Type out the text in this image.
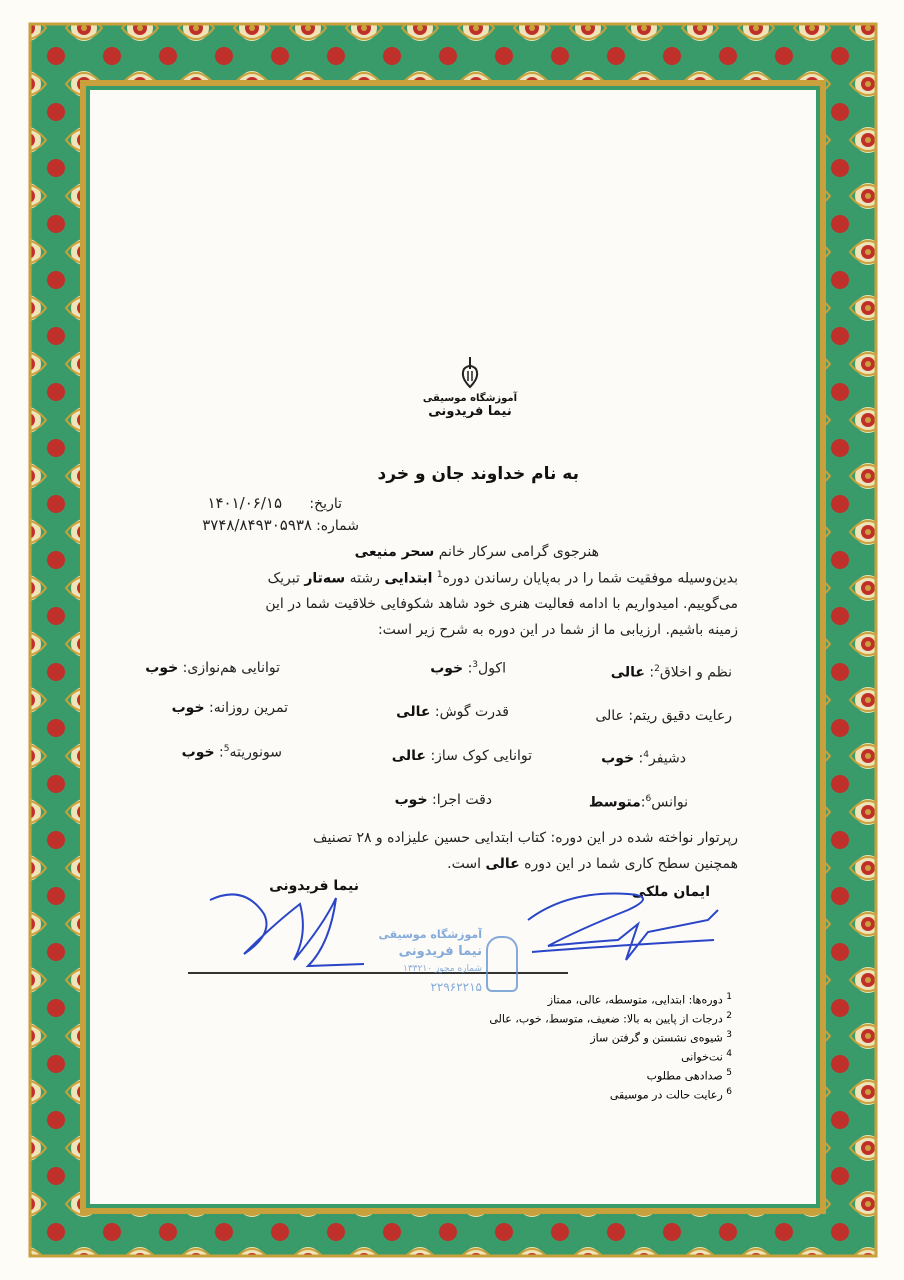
آموزشگاه موسیقی
نیما فریدونی
به نام خداوند جان و خرد
تاریخ:
۱۴۰۱/۰۶/۱۵
شماره:
۳۷۴۸/۸۴۹۳۰۵۹۳۸
هنرجوی گرامی سرکار خانم سحر منیعی
بدین‌وسیله موفقیت شما را در به‌پایان رساندن دوره$^1$ ابتدایی رشته سه‌تار تبریک
می‌گوییم. امیدواریم با ادامه فعالیت هنری خود شاهد شکوفایی خلاقیت شما در این
زمینه باشیم. ارزیابی ما از شما در این دوره به شرح زیر است:
نظم و اخلاق$^2$: عالی
اکول$^3$: خوب
توانایی هم‌نوازی: خوب
رعایت دقیق ریتم: عالی
قدرت گوش: عالی
تمرین روزانه: خوب
دشیفر$^4$: خوب
توانایی کوک ساز: عالی
سونوریته$^5$: خوب
نوانس$^6$:متوسط
دقت اجرا: خوب
رپرتوار نواخته شده در این دوره: کتاب ابتدایی حسین علیزاده و ۲۸ تصنیف
همچنین سطح کاری شما در این دوره عالی است.
ایمان ملکی
نیما فریدونی
آموزشگاه موسیقی
نیما فریدونی
شماره مجوز ۱۳۳۲۱۰
۲۲۹۶۲۲۱۵
$^1$ دوره‌ها: ابتدایی، متوسطه، عالی، ممتاز
$^2$ درجات از پایین به بالا: ضعیف، متوسط، خوب، عالی
$^3$ شیوه‌ی نشستن و گرفتن ساز
$^4$ نت‌خوانی
$^5$ صدادهی مطلوب
$^6$ رعایت حالت در موسیقی
